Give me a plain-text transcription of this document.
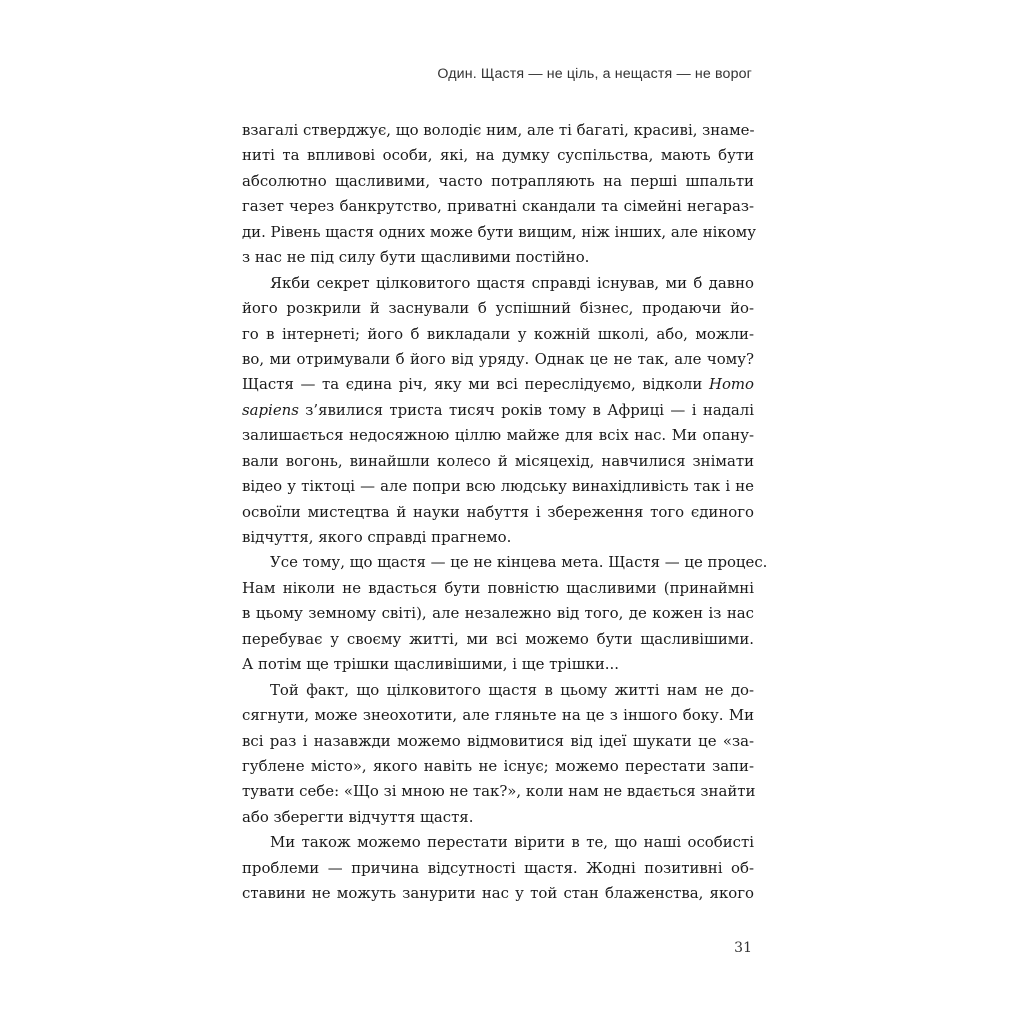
Один. Щастя — не ціль, а нещастя — не ворог
взагалі стверджує, що володіє ним, але ті багаті, красиві, знаме-
ниті та впливові особи, які, на думку суспільства, мають бути
абсолютно щасливими, часто потрапляють на перші шпальти
газет через банкрутство, приватні скандали та сімейні негараз-
ди. Рівень щастя одних може бути вищим, ніж інших, але нікому
з нас не під силу бути щасливими постійно.
Якби секрет цілковитого щастя справді існував, ми б давно
його розкрили й заснували б успішний бізнес, продаючи йо-
го в інтернеті; його б викладали у кожній школі, або, можли-
во, ми отримували б його від уряду. Однак це не так, але чому?
Щастя — та єдина річ, яку ми всі переслідуємо, відколи Homo
sapiens з’явилися триста тисяч років тому в Африці — і надалі
залишається недосяжною ціллю майже для всіх нас. Ми опану-
вали вогонь, винайшли колесо й місяцехід, навчилися знімати
відео у тіктоці — але попри всю людську винахідливість так і не
освоїли мистецтва й науки набуття і збереження того єдиного
відчуття, якого справді прагнемо.
Усе тому, що щастя — це не кінцева мета. Щастя — це процес.
Нам ніколи не вдасться бути повністю щасливими (принаймні
в цьому земному світі), але незалежно від того, де кожен із нас
перебуває у своєму житті, ми всі можемо бути щасливішими.
А потім ще трішки щасливішими, і ще трішки...
Той факт, що цілковитого щастя в цьому житті нам не до-
сягнути, може знеохотити, але гляньте на це з іншого боку. Ми
всі раз і назавжди можемо відмовитися від ідеї шукати це «за-
гублене місто», якого навіть не існує; можемо перестати запи-
тувати себе: «Що зі мною не так?», коли нам не вдається знайти
або зберегти відчуття щастя.
Ми також можемо перестати вірити в те, що наші особисті
проблеми — причина відсутності щастя. Жодні позитивні об-
ставини не можуть занурити нас у той стан блаженства, якого
31
